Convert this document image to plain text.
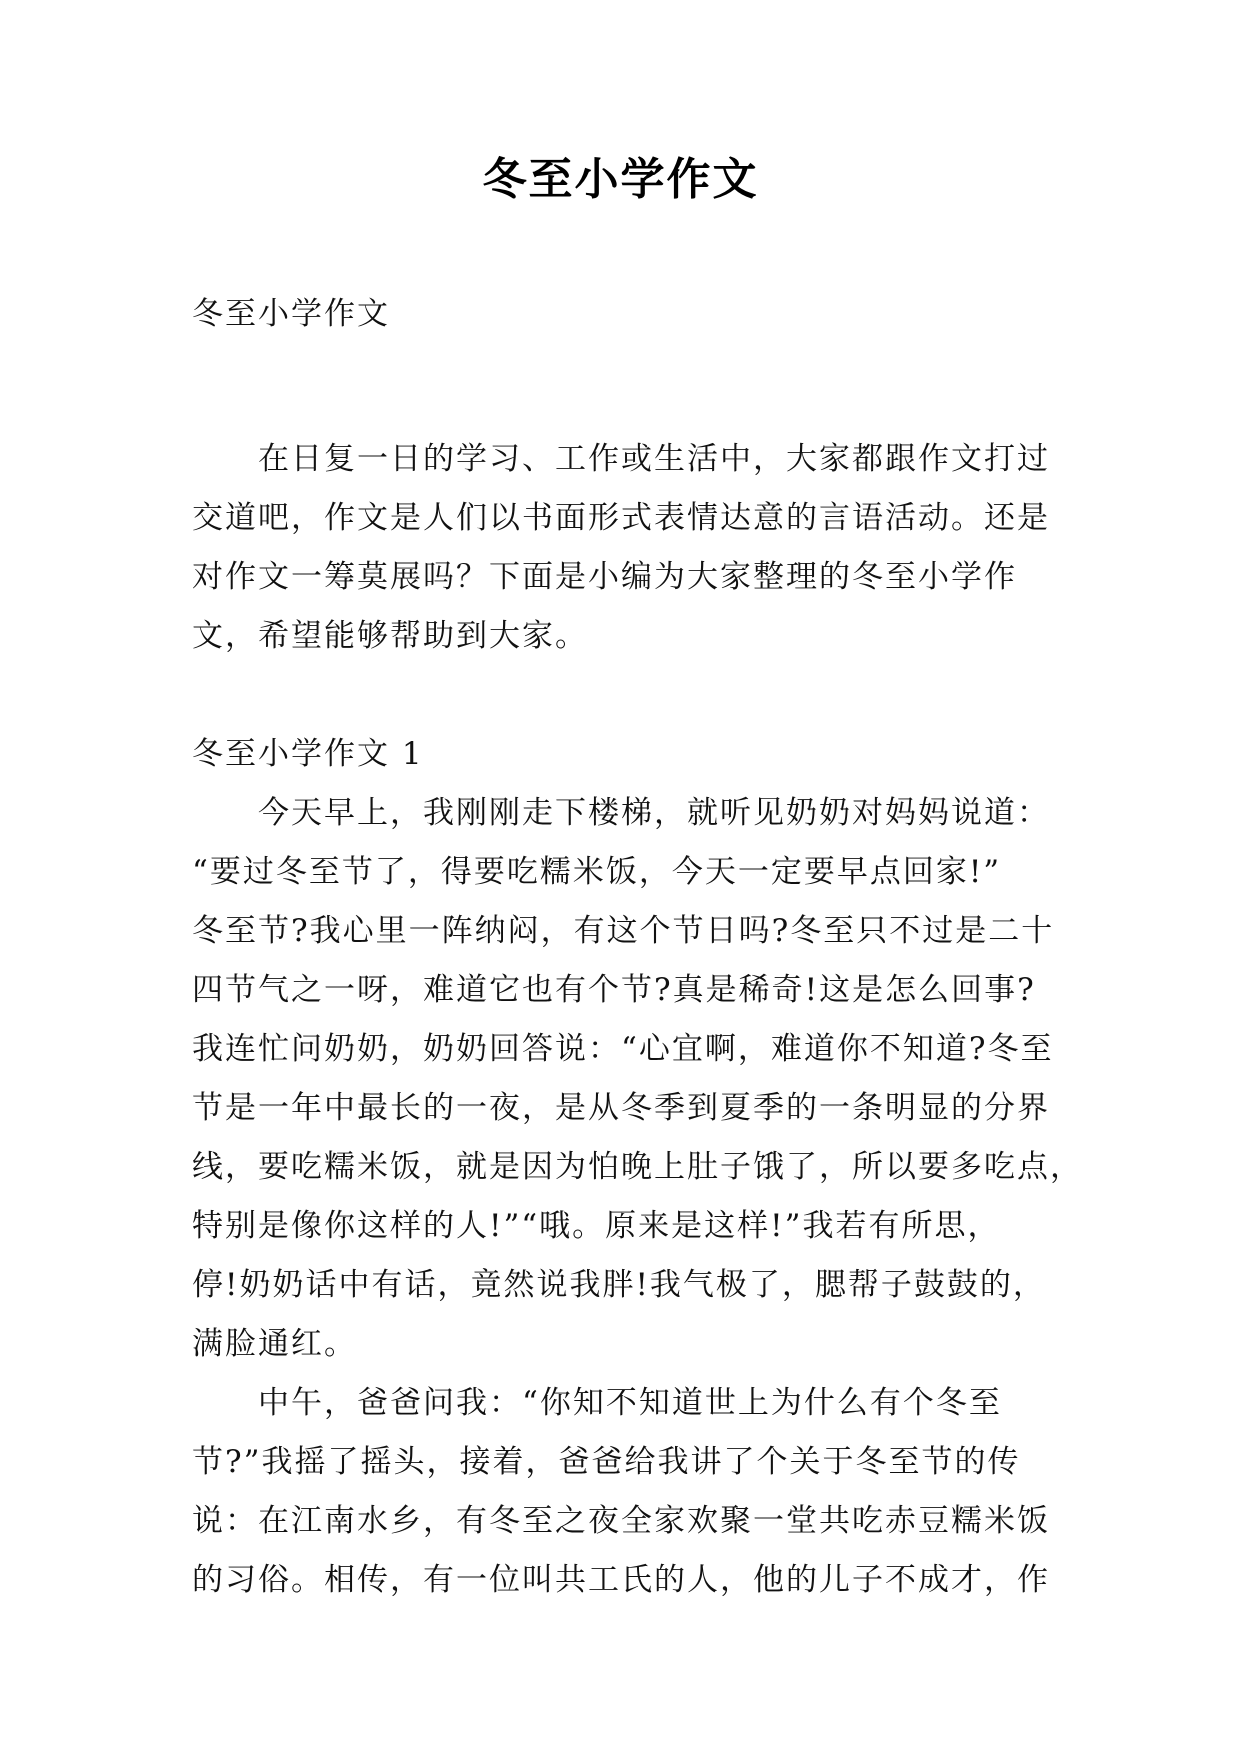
冬至小学作文
冬至小学作文
在日复一日的学习、工作或生活中，大家都跟作文打过
交道吧，作文是人们以书面形式表情达意的言语活动。还是
对作文一筹莫展吗？下面是小编为大家整理的冬至小学作
文，希望能够帮助到大家。
冬至小学作文 1
今天早上，我刚刚走下楼梯，就听见奶奶对妈妈说道：
“要过冬至节了，得要吃糯米饭，今天一定要早点回家!”
冬至节?我心里一阵纳闷，有这个节日吗?冬至只不过是二十
四节气之一呀，难道它也有个节?真是稀奇!这是怎么回事?
我连忙问奶奶，奶奶回答说：“心宜啊，难道你不知道?冬至
节是一年中最长的一夜，是从冬季到夏季的一条明显的分界
线，要吃糯米饭，就是因为怕晚上肚子饿了，所以要多吃点，
特别是像你这样的人!”“哦。原来是这样!”我若有所思，
停!奶奶话中有话，竟然说我胖!我气极了，腮帮子鼓鼓的，
满脸通红。
中午，爸爸问我：“你知不知道世上为什么有个冬至
节?”我摇了摇头，接着，爸爸给我讲了个关于冬至节的传
说：在江南水乡，有冬至之夜全家欢聚一堂共吃赤豆糯米饭
的习俗。相传，有一位叫共工氏的人，他的儿子不成才，作
